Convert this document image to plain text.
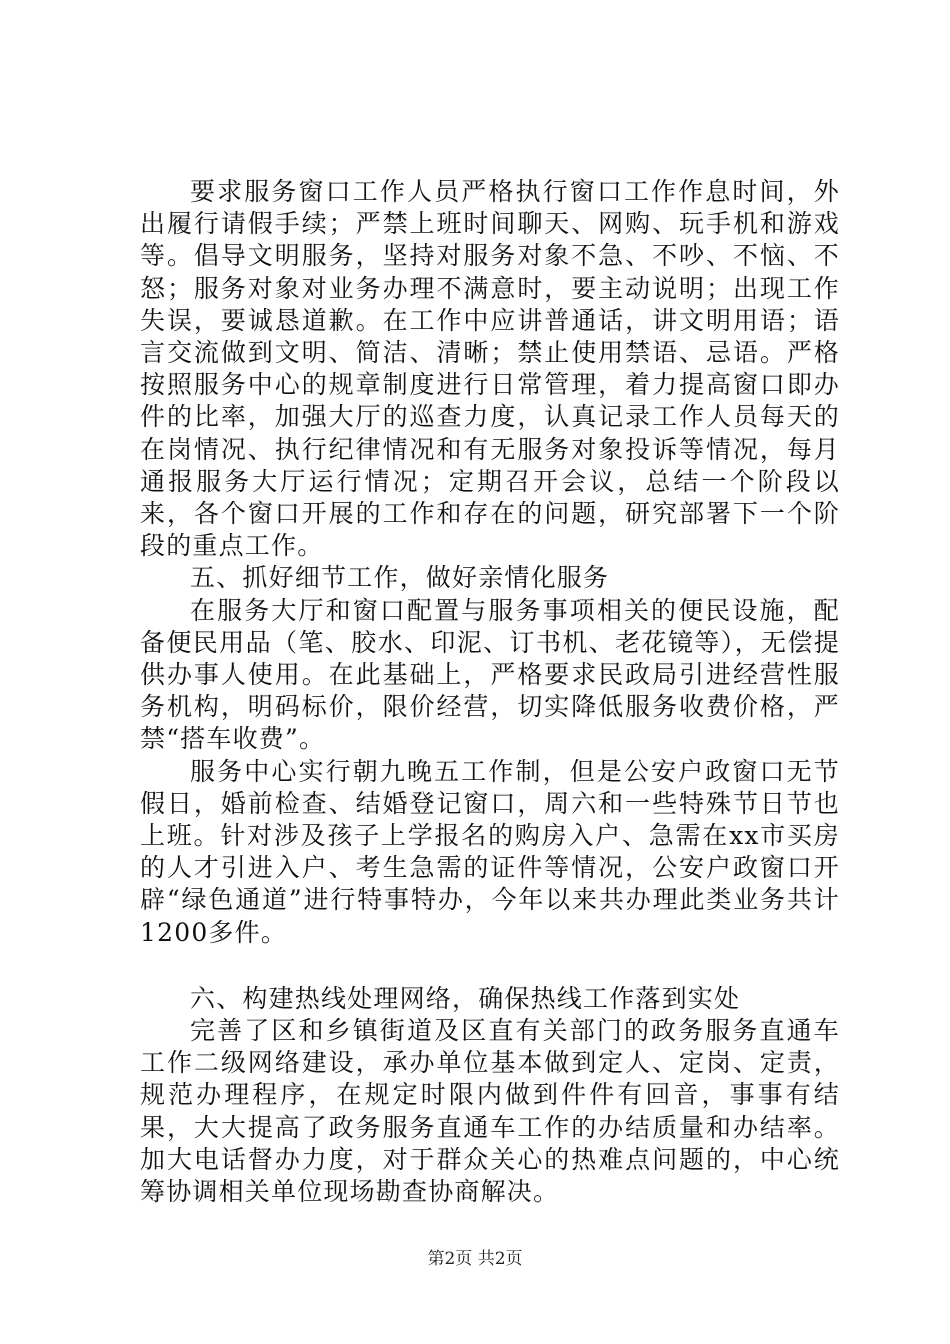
要求服务窗口工作人员严格执行窗口工作作息时间，外出履行请假手续；严禁上班时间聊天、网购、玩手机和游戏等。倡导文明服务，坚持对服务对象不急、不吵、不恼、不怒；服务对象对业务办理不满意时，要主动说明；出现工作失误，要诚恳道歉。在工作中应讲普通话，讲文明用语；语言交流做到文明、简洁、清晰；禁止使用禁语、忌语。严格按照服务中心的规章制度进行日常管理，着力提高窗口即办件的比率，加强大厅的巡查力度，认真记录工作人员每天的在岗情况、执行纪律情况和有无服务对象投诉等情况，每月通报服务大厅运行情况；定期召开会议，总结一个阶段以来，各个窗口开展的工作和存在的问题，研究部署下一个阶段的重点工作。

五、抓好细节工作，做好亲情化服务

在服务大厅和窗口配置与服务事项相关的便民设施，配备便民用品（笔、胶水、印泥、订书机、老花镜等），无偿提供办事人使用。在此基础上，严格要求民政局引进经营性服务机构，明码标价，限价经营，切实降低服务收费价格，严禁“搭车收费”。

服务中心实行朝九晚五工作制，但是公安户政窗口无节假日，婚前检查、结婚登记窗口，周六和一些特殊节日节也上班。针对涉及孩子上学报名的购房入户、急需在xx市买房的人才引进入户、考生急需的证件等情况，公安户政窗口开辟“绿色通道”进行特事特办，今年以来共办理此类业务共计1200多件。

六、构建热线处理网络，确保热线工作落到实处

完善了区和乡镇街道及区直有关部门的政务服务直通车工作二级网络建设，承办单位基本做到定人、定岗、定责，规范办理程序，在规定时限内做到件件有回音，事事有结果，大大提高了政务服务直通车工作的办结质量和办结率。加大电话督办力度，对于群众关心的热难点问题的，中心统筹协调相关单位现场勘查协商解决。

第2页 共2页
